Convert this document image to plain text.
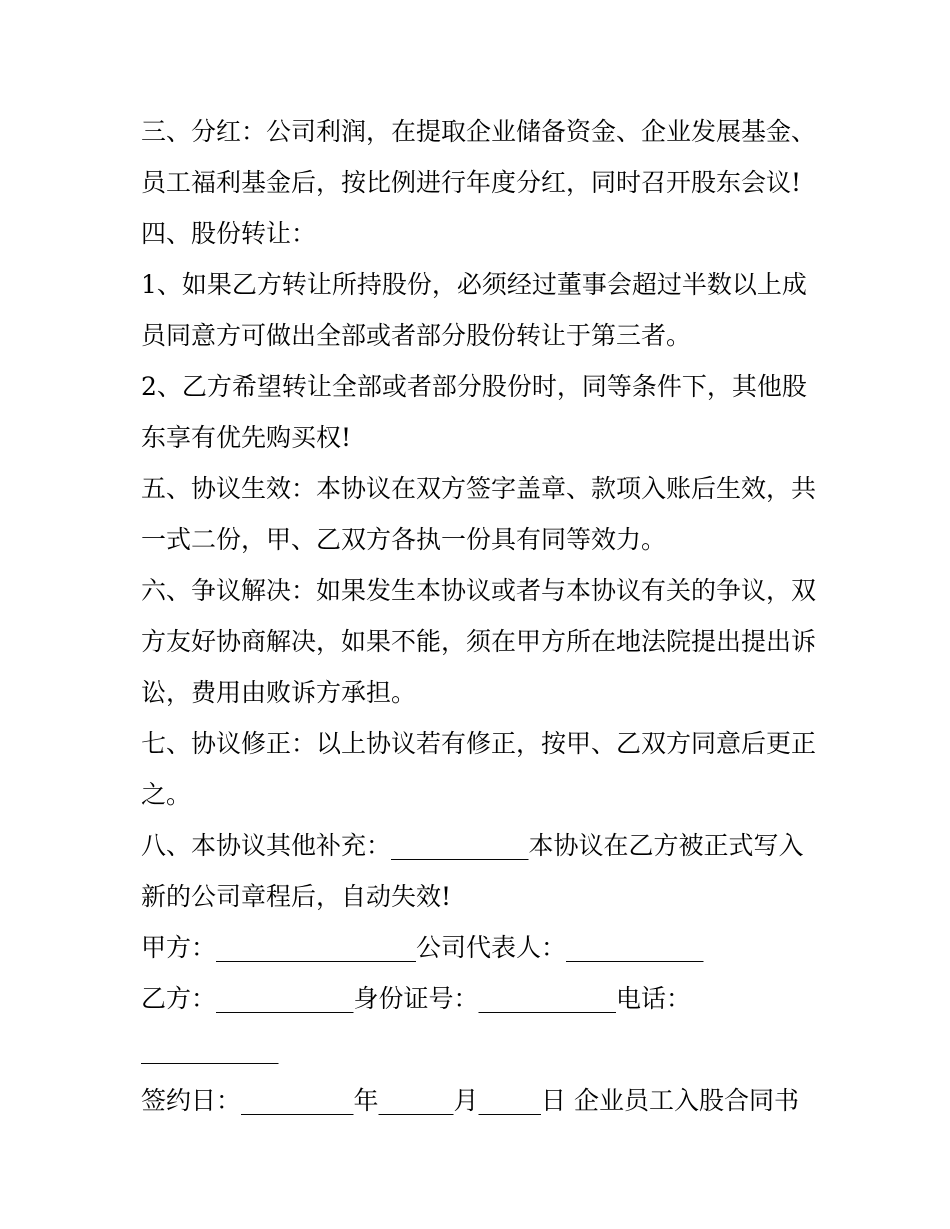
三、分红：公司利润，在提取企业储备资金、企业发展基金、
员工福利基金后，按比例进行年度分红，同时召开股东会议!
四、股份转让：
1、如果乙方转让所持股份，必须经过董事会超过半数以上成
员同意方可做出全部或者部分股份转让于第三者。
2、乙方希望转让全部或者部分股份时，同等条件下，其他股
东享有优先购买权!
五、协议生效：本协议在双方签字盖章、款项入账后生效，共
一式二份，甲、乙双方各执一份具有同等效力。
六、争议解决：如果发生本协议或者与本协议有关的争议，双
方友好协商解决，如果不能，须在甲方所在地法院提出提出诉
讼，费用由败诉方承担。
七、协议修正：以上协议若有修正，按甲、乙双方同意后更正
之。
八、本协议其他补充：___________本协议在乙方被正式写入
新的公司章程后，自动失效!
甲方：________________公司代表人：___________
乙方：___________身份证号：___________电话：
___________
签约日：_________年______月_____日 企业员工入股合同书
